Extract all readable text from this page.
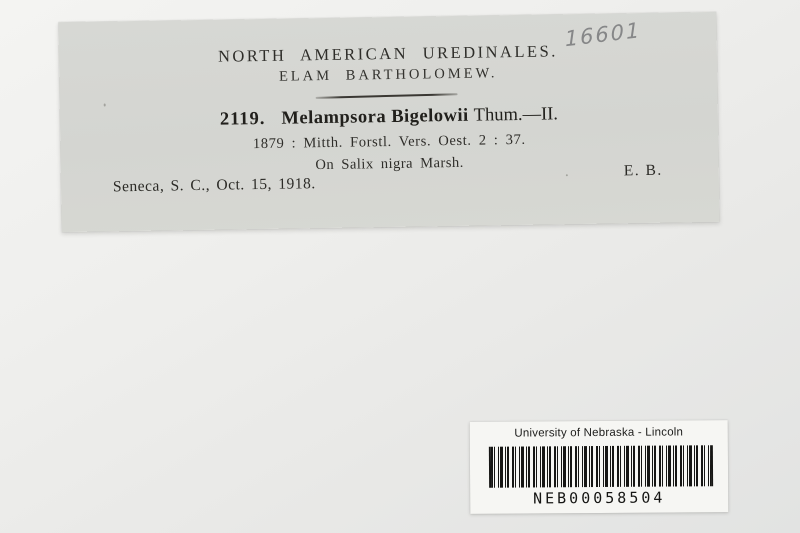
16601
NORTH AMERICAN UREDINALES.
ELAM BARTHOLOMEW.
2119. Melampsora Bigelowii Thum.—II.
1879 : Mitth. Forstl. Vers. Oest. 2 : 37.
On Salix nigra Marsh.
Seneca, S. C., Oct. 15, 1918.
E. B.
University of Nebraska - Lincoln
NEB00058504
